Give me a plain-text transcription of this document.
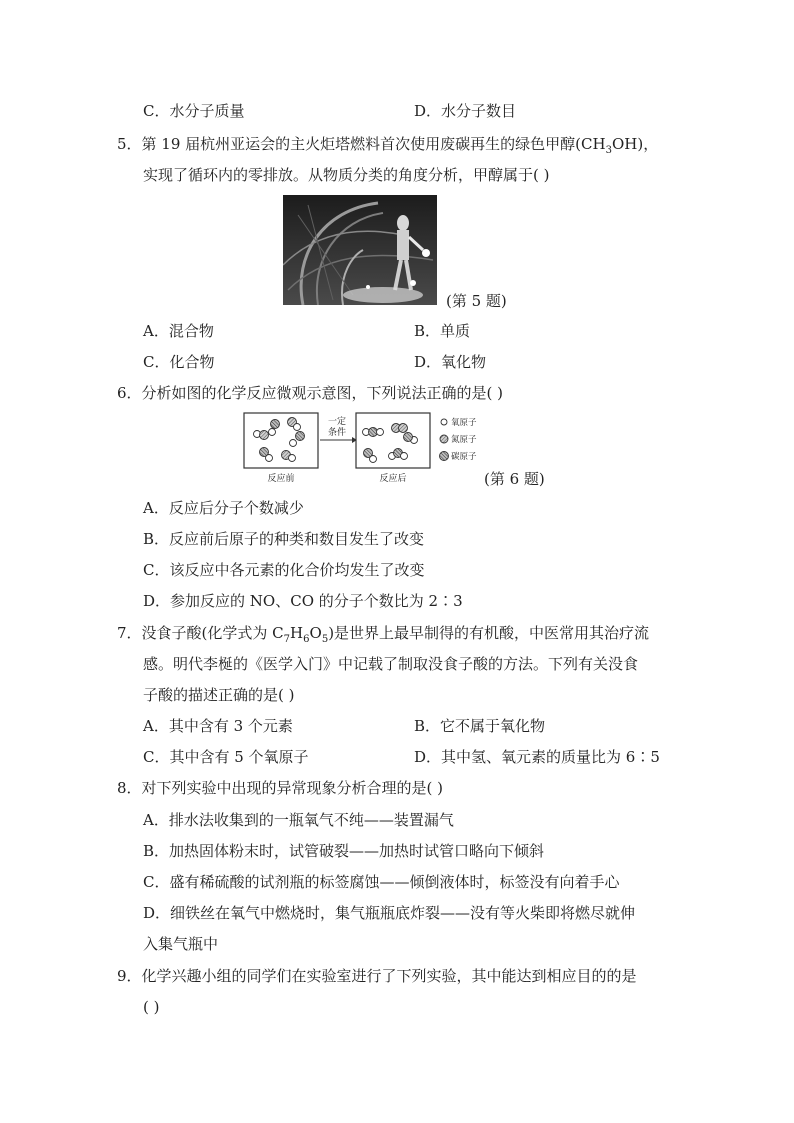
C．水分子质量	D．水分子数目
5．第 19 届杭州亚运会的主火炬塔燃料首次使用废碳再生的绿色甲醇$(CH_3OH)$，
实现了循环内的零排放。从物质分类的角度分析，甲醇属于( )
(第 5 题)
A．混合物	B．单质
C．化合物	D．氧化物
6．分析如图的化学反应微观示意图，下列说法正确的是( )
反应前
一定
条件
反应后
氧原子
氮原子
碳原子
(第 6 题)
A．反应后分子个数减少
B．反应前后原子的种类和数目发生了改变
C．该反应中各元素的化合价均发生了改变
D．参加反应的 NO、CO 的分子个数比为 2∶3
7．没食子酸(化学式为 $C_7H_6O_5$)是世界上最早制得的有机酸，中医常用其治疗流
感。明代李梴的《医学入门》中记载了制取没食子酸的方法。下列有关没食
子酸的描述正确的是( )
A．其中含有 3 个元素	B．它不属于氧化物
C．其中含有 5 个氧原子	D．其中氢、氧元素的质量比为 6∶5
8．对下列实验中出现的异常现象分析合理的是( )
A．排水法收集到的一瓶氧气不纯——装置漏气
B．加热固体粉末时，试管破裂——加热时试管口略向下倾斜
C．盛有稀硫酸的试剂瓶的标签腐蚀——倾倒液体时，标签没有向着手心
D．细铁丝在氧气中燃烧时，集气瓶瓶底炸裂——没有等火柴即将燃尽就伸
入集气瓶中
9．化学兴趣小组的同学们在实验室进行了下列实验，其中能达到相应目的的是
( )
